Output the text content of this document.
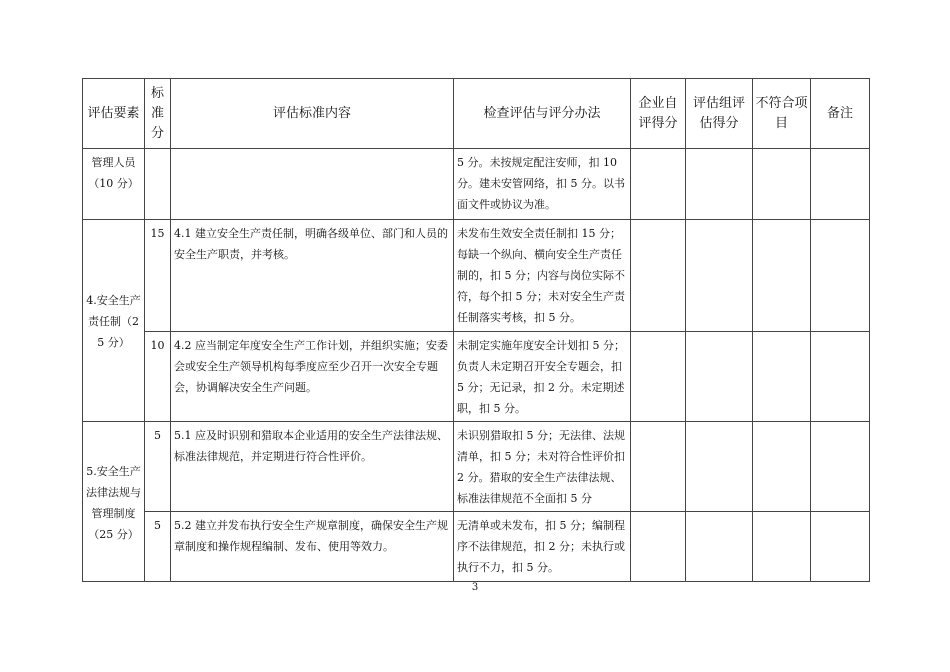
评估要素	标准分	评估标准内容	检查评估与评分办法	企业自评得分	评估组评估得分	不符合项目	备注
管理人员（10 分）			5 分。未按规定配注安师，扣 10 分。建未安管网络，扣 5 分。以书面文件或协议为准。				
4.安全生产责任制（25 分）	15	4.1 建立安全生产责任制，明确各级单位、部门和人员的安全生产职责，并考核。	未发布生效安全责任制扣 15 分；每缺一个纵向、横向安全生产责任制的，扣 5 分；内容与岗位实际不符，每个扣 5 分；未对安全生产责任制落实考核，扣 5 分。				
	10	4.2 应当制定年度安全生产工作计划，并组织实施；安委会或安全生产领导机构每季度应至少召开一次安全专题会，协调解决安全生产问题。	未制定实施年度安全计划扣 5 分；负责人未定期召开安全专题会，扣 5 分；无记录，扣 2 分。未定期述职，扣 5 分。				
5.安全生产法律法规与管理制度（25 分）	5	5.1 应及时识别和猎取本企业适用的安全生产法律法规、标准法律规范，并定期进行符合性评价。	未识别猎取扣 5 分；无法律、法规清单，扣 5 分；未对符合性评价扣 2 分。猎取的安全生产法律法规、标准法律规范不全面扣 5 分				
	5	5.2 建立并发布执行安全生产规章制度，确保安全生产规章制度和操作规程编制、发布、使用等效力。	无清单或未发布，扣 5 分；编制程序不法律规范，扣 2 分；未执行或执行不力，扣 5 分。				
3
